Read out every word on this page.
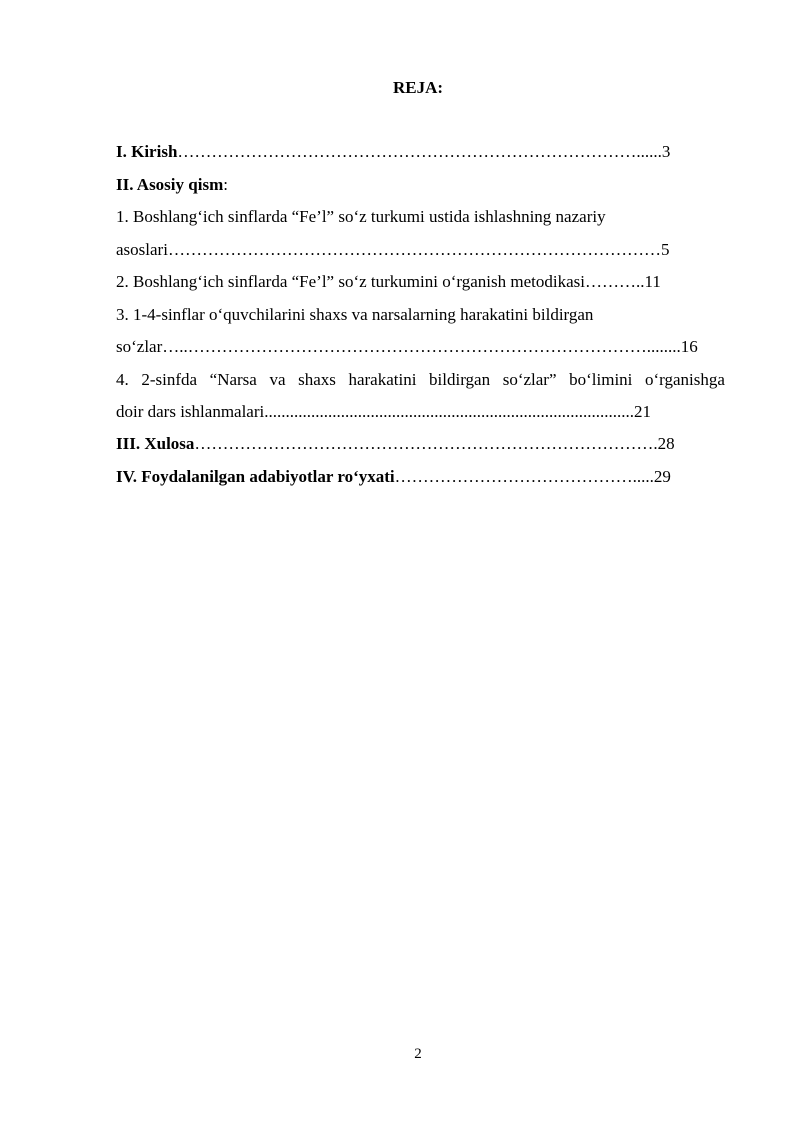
REJA:
I. Kirish………………………………………………………………………......3
II. Asosiy qism:
1. Boshlang‘ich sinflarda “Fe’l” so‘z turkumi ustida ishlashning nazariy
asoslari……………………………………………………………………………5
2. Boshlang‘ich sinflarda “Fe’l” so‘z turkumini o‘rganish metodikasi………..11
3. 1-4-sinflar o‘quvchilarini shaxs va narsalarning harakatini bildirgan
so‘zlar…..………………………………………………………………………........16
4. 2-sinfda “Narsa va shaxs harakatini bildirgan so‘zlar” bo‘limini o‘rganishga
doir dars ishlanmalari.......................................................................................21
III. Xulosa……………………………………………………………………….28
IV. Foydalanilgan adabiyotlar ro‘yxati…………………………………….....29
2
